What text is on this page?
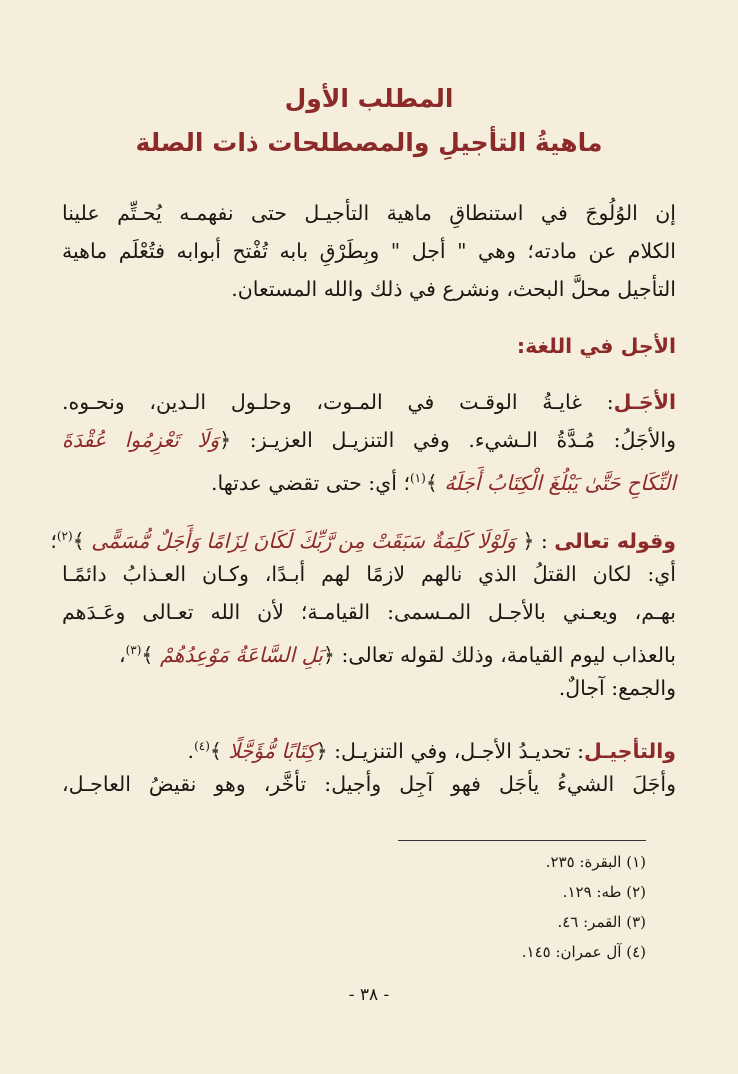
المطلب الأول
ماهيةُ التأجيلِ والمصطلحات ذات الصلة
إن الوُلُوجَ في استنطاقِ ماهية التأجيـل حتى نفهمـه يُحـتِّم علينا
الكلام عن مادته؛ وهي " أجل " وبِطَرْقِ بابه تُفْتح أبوابه فتُعْلَم ماهية
التأجيل محلَّ البحث، ونشرع في ذلك والله المستعان.
الأجل في اللغة:
الأجَـل: غايـةُ الوقـت في المـوت، وحلـول الـدين، ونحـوه.
والأجَلُ: مُـدَّةُ الـشيء. وفي التنزيـل العزيـز: ﴿وَلَا تَعْزِمُوا عُقْدَةَ
النِّكَاحِ حَتَّىٰ يَبْلُغَ الْكِتَابُ أَجَلَهُ ﴾$^{(١)}$؛ أي: حتى تقضي عدتها.
وقوله تعالى : ﴿ وَلَوْلَا كَلِمَةٌ سَبَقَتْ مِن رَّبِّكَ لَكَانَ لِزَامًا وَأَجَلٌ مُّسَمًّى ﴾$^{(٢)}$؛
أي: لكان القتلُ الذي نالهم لازمًا لهم أبـدًا، وكـان العـذابُ دائمًـا
بهـم، ويعـني بالأجـل المـسمى: القيامـة؛ لأن الله تعـالى وعَـدَهم
بالعذاب ليوم القيامة، وذلك لقوله تعالى: ﴿بَلِ السَّاعَةُ مَوْعِدُهُمْ ﴾$^{(٣)}$،
والجمع: آجالٌ.
والتأجيـل: تحديـدُ الأجـل، وفي التنزيـل: ﴿كِتَابًا مُّؤَجَّلًا ﴾$^{(٤)}$.
وأجَلَ الشيءُ يأجَل فهو آجِل وأجيل: تأخَّر، وهو نقيضُ العاجـل،
(١) البقرة: ٢٣٥.
(٢) طه: ١٢٩.
(٣) القمر: ٤٦.
(٤) آل عمران: ١٤٥.
- ٣٨ -
